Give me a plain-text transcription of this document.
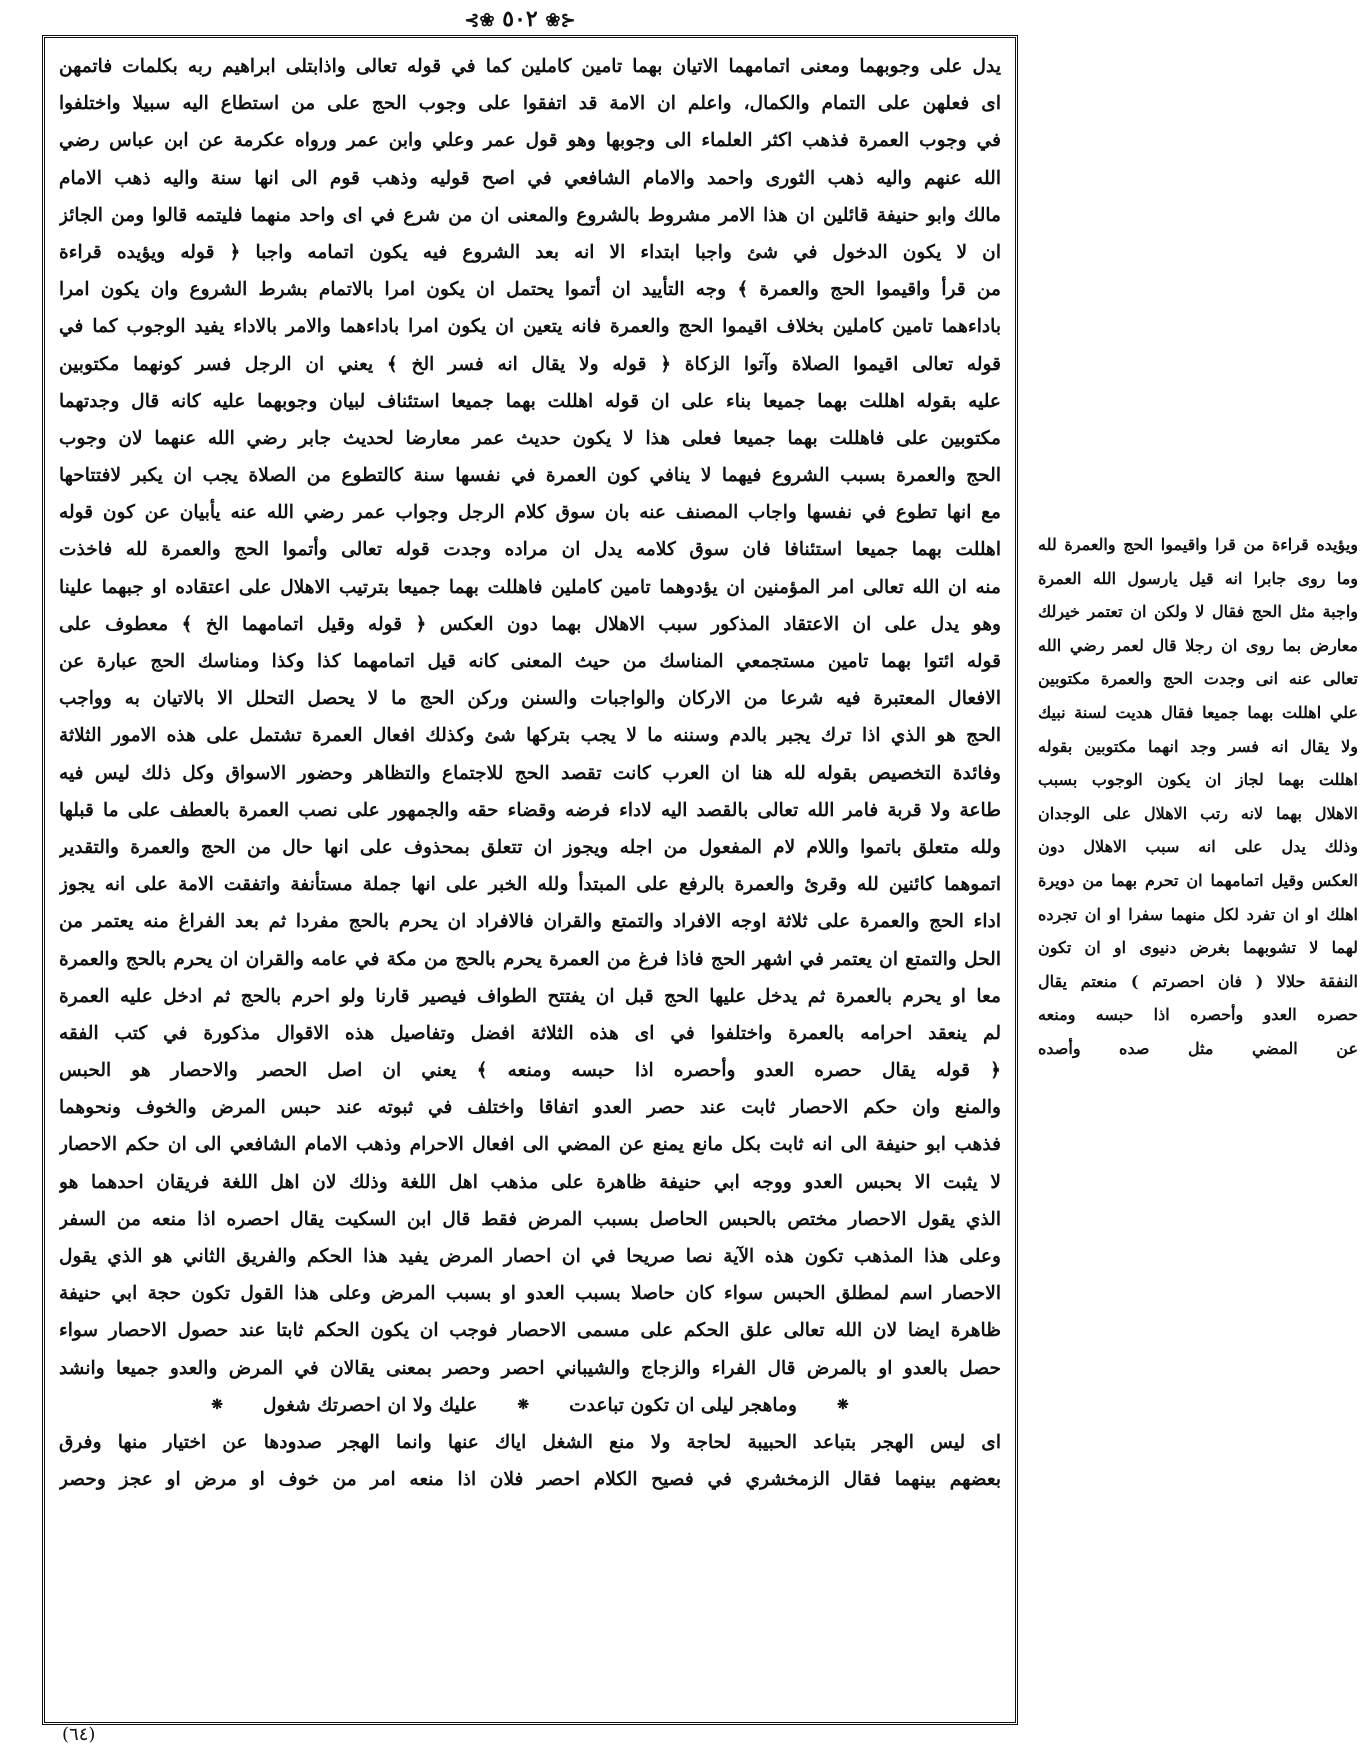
⊰❀ ٥٠٢ ❀⊱
يدل على وجوبهما ومعنى اتمامهما الاتيان بهما تامين كاملين كما في قوله تعالى واذابتلى ابراهيم ربه بكلمات فاتمهن
اى فعلهن على التمام والكمال، واعلم ان الامة قد اتفقوا على وجوب الحج على من استطاع اليه سبيلا واختلفوا
في وجوب العمرة فذهب اكثر العلماء الى وجوبها وهو قول عمر وعلي وابن عمر ورواه عكرمة عن ابن عباس رضي
الله عنهم واليه ذهب الثورى واحمد والامام الشافعي في اصح قوليه وذهب قوم الى انها سنة واليه ذهب الامام
مالك وابو حنيفة قائلين ان هذا الامر مشروط بالشروع والمعنى ان من شرع في اى واحد منهما فليتمه قالوا ومن الجائز
ان لا يكون الدخول في شئ واجبا ابتداء الا انه بعد الشروع فيه يكون اتمامه واجبا ﴿ قوله ويؤيده قراءة
من قرأ واقيموا الحج والعمرة ﴾ وجه التأييد ان أتموا يحتمل ان يكون امرا بالاتمام بشرط الشروع وان يكون امرا
باداءهما تامين كاملين بخلاف اقيموا الحج والعمرة فانه يتعين ان يكون امرا باداءهما والامر بالاداء يفيد الوجوب كما في
قوله تعالى اقيموا الصلاة وآتوا الزكاة ﴿ قوله ولا يقال انه فسر الخ ﴾ يعني ان الرجل فسر كونهما مكتوبين
عليه بقوله اهللت بهما جميعا بناء على ان قوله اهللت بهما جميعا استئناف لبيان وجوبهما عليه كانه قال وجدتهما
مكتوبين على فاهللت بهما جميعا فعلى هذا لا يكون حديث عمر معارضا لحديث جابر رضي الله عنهما لان وجوب
الحج والعمرة بسبب الشروع فيهما لا ينافي كون العمرة في نفسها سنة كالتطوع من الصلاة يجب ان يكبر لافتتاحها
مع انها تطوع في نفسها واجاب المصنف عنه بان سوق كلام الرجل وجواب عمر رضي الله عنه يأبيان عن كون قوله
اهللت بهما جميعا استئنافا فان سوق كلامه يدل ان مراده وجدت قوله تعالى وأتموا الحج والعمرة لله فاخذت
منه ان الله تعالى امر المؤمنين ان يؤدوهما تامين كاملين فاهللت بهما جميعا بترتيب الاهلال على اعتقاده او جبهما علينا
وهو يدل على ان الاعتقاد المذكور سبب الاهلال بهما دون العكس ﴿ قوله وقيل اتمامهما الخ ﴾ معطوف على
قوله ائتوا بهما تامين مستجمعي المناسك من حيث المعنى كانه قيل اتمامهما كذا وكذا ومناسك الحج عبارة عن
الافعال المعتبرة فيه شرعا من الاركان والواجبات والسنن وركن الحج ما لا يحصل التحلل الا بالاتيان به وواجب
الحج هو الذي اذا ترك يجبر بالدم وسننه ما لا يجب بتركها شئ وكذلك افعال العمرة تشتمل على هذه الامور الثلاثة
وفائدة التخصيص بقوله لله هنا ان العرب كانت تقصد الحج للاجتماع والتظاهر وحضور الاسواق وكل ذلك ليس فيه
طاعة ولا قربة فامر الله تعالى بالقصد اليه لاداء فرضه وقضاء حقه والجمهور على نصب العمرة بالعطف على ما قبلها
ولله متعلق باتموا واللام لام المفعول من اجله ويجوز ان تتعلق بمحذوف على انها حال من الحج والعمرة والتقدير
اتموهما كائنين لله وقرئ والعمرة بالرفع على المبتدأ ولله الخبر على انها جملة مستأنفة واتفقت الامة على انه يجوز
اداء الحج والعمرة على ثلاثة اوجه الافراد والتمتع والقران فالافراد ان يحرم بالحج مفردا ثم بعد الفراغ منه يعتمر من
الحل والتمتع ان يعتمر في اشهر الحج فاذا فرغ من العمرة يحرم بالحج من مكة في عامه والقران ان يحرم بالحج والعمرة
معا او يحرم بالعمرة ثم يدخل عليها الحج قبل ان يفتتح الطواف فيصير قارنا ولو احرم بالحج ثم ادخل عليه العمرة
لم ينعقد احرامه بالعمرة واختلفوا في اى هذه الثلاثة افضل وتفاصيل هذه الاقوال مذكورة في كتب الفقه
﴿ قوله يقال حصره العدو وأحصره اذا حبسه ومنعه ﴾ يعني ان اصل الحصر والاحصار هو الحبس
والمنع وان حكم الاحصار ثابت عند حصر العدو اتفاقا واختلف في ثبوته عند حبس المرض والخوف ونحوهما
فذهب ابو حنيفة الى انه ثابت بكل مانع يمنع عن المضي الى افعال الاحرام وذهب الامام الشافعي الى ان حكم الاحصار
لا يثبت الا بحبس العدو ووجه ابي حنيفة ظاهرة على مذهب اهل اللغة وذلك لان اهل اللغة فريقان احدهما هو
الذي يقول الاحصار مختص بالحبس الحاصل بسبب المرض فقط قال ابن السكيت يقال احصره اذا منعه من السفر
وعلى هذا المذهب تكون هذه الآية نصا صريحا في ان احصار المرض يفيد هذا الحكم والفريق الثاني هو الذي يقول
الاحصار اسم لمطلق الحبس سواء كان حاصلا بسبب العدو او بسبب المرض وعلى هذا القول تكون حجة ابي حنيفة
ظاهرة ايضا لان الله تعالى علق الحكم على مسمى الاحصار فوجب ان يكون الحكم ثابتا عند حصول الاحصار سواء
حصل بالعدو او بالمرض قال الفراء والزجاج والشيباني احصر وحصر بمعنى يقالان في المرض والعدو جميعا وانشد
❋
وماهجر ليلى ان تكون تباعدت
❋
عليك ولا ان احصرتك شغول
❋
اى ليس الهجر بتباعد الحبيبة لحاجة ولا منع الشغل اياك عنها وانما الهجر صدودها عن اختيار منها وفرق
بعضهم بينهما فقال الزمخشري في فصيح الكلام احصر فلان اذا منعه امر من خوف او مرض او عجز وحصر
ويؤيده قراءة من قرا واقيموا الحج والعمرة لله
وما روى جابرا انه قيل يارسول الله العمرة
واجبة مثل الحج فقال لا ولكن ان تعتمر خيرلك
معارض بما روى ان رجلا قال لعمر رضي الله
تعالى عنه انى وجدت الحج والعمرة مكتوبين
علي اهللت بهما جميعا فقال هديت لسنة نبيك
ولا يقال انه فسر وجد انهما مكتوبين بقوله
اهللت بهما لجاز ان يكون الوجوب بسبب
الاهلال بهما لانه رتب الاهلال على الوجدان
وذلك يدل على انه سبب الاهلال دون
العكس وقيل اتمامهما ان تحرم بهما من دويرة
اهلك او ان تفرد لكل منهما سفرا او ان تجرده
لهما لا تشوبهما بغرض دنيوى او ان تكون
النفقة حلالا ( فان احصرتم ) منعتم يقال
حصره العدو وأحصره اذا حبسه ومنعه
عن المضي مثل صده وأصده
(٦٤)
